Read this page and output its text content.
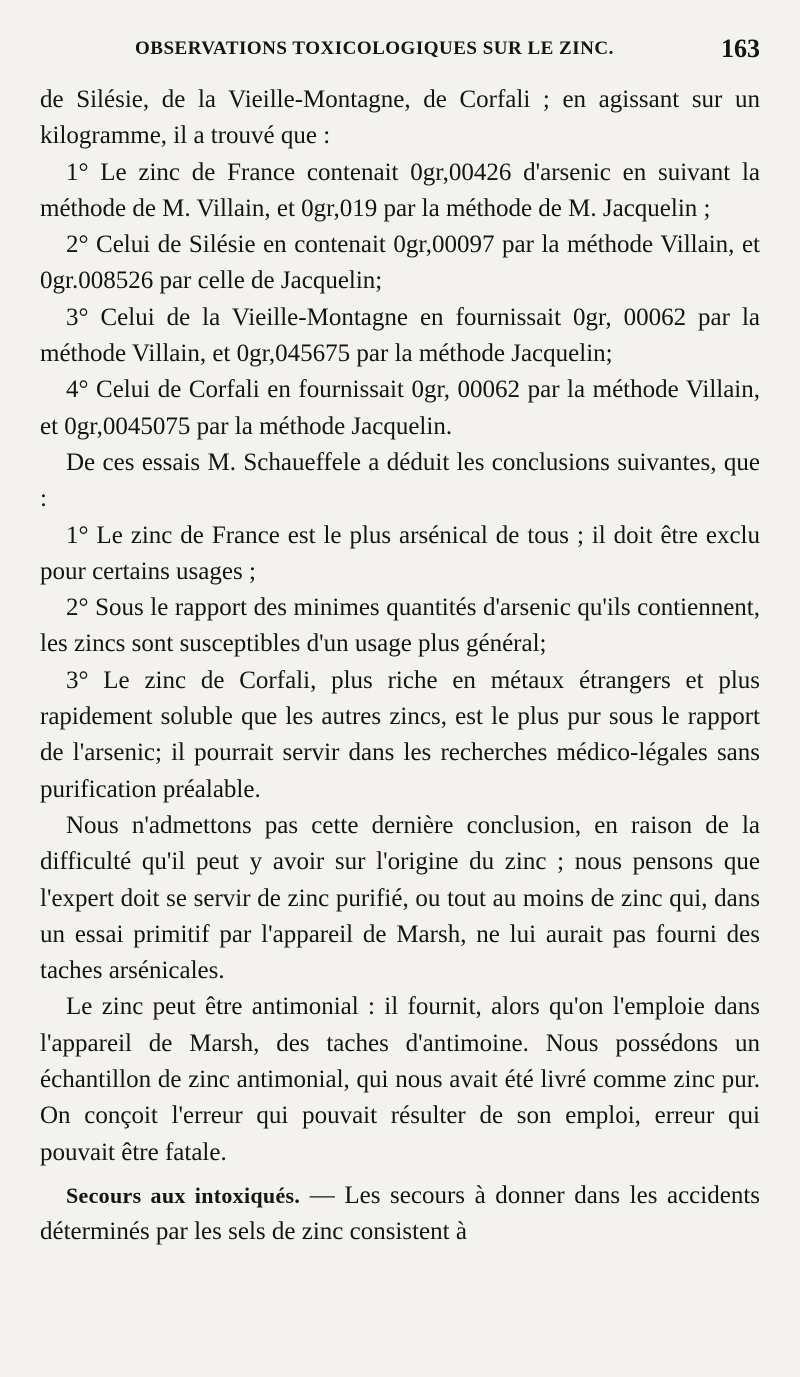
OBSERVATIONS TOXICOLOGIQUES SUR LE ZINC.	163

de Silésie, de la Vieille-Montagne, de Corfali ; en agissant sur un kilogramme, il a trouvé que :

1° Le zinc de France contenait 0gr,00426 d'arsenic en suivant la méthode de M. Villain, et 0gr,019 par la méthode de M. Jacquelin ;

2° Celui de Silésie en contenait 0gr,00097 par la méthode Villain, et 0gr.008526 par celle de Jacquelin;

3° Celui de la Vieille-Montagne en fournissait 0gr, 00062 par la méthode Villain, et 0gr,045675 par la méthode Jacquelin;

4° Celui de Corfali en fournissait 0gr, 00062 par la méthode Villain, et 0gr,0045075 par la méthode Jacquelin.

De ces essais M. Schaueffele a déduit les conclusions suivantes, que :

1° Le zinc de France est le plus arsénical de tous ; il doit être exclu pour certains usages ;

2° Sous le rapport des minimes quantités d'arsenic qu'ils contiennent, les zincs sont susceptibles d'un usage plus général;

3° Le zinc de Corfali, plus riche en métaux étrangers et plus rapidement soluble que les autres zincs, est le plus pur sous le rapport de l'arsenic; il pourrait servir dans les recherches médico-légales sans purification préalable.

Nous n'admettons pas cette dernière conclusion, en raison de la difficulté qu'il peut y avoir sur l'origine du zinc ; nous pensons que l'expert doit se servir de zinc purifié, ou tout au moins de zinc qui, dans un essai primitif par l'appareil de Marsh, ne lui aurait pas fourni des taches arsénicales.

Le zinc peut être antimonial : il fournit, alors qu'on l'emploie dans l'appareil de Marsh, des taches d'antimoine. Nous possédons un échantillon de zinc antimonial, qui nous avait été livré comme zinc pur. On conçoit l'erreur qui pouvait résulter de son emploi, erreur qui pouvait être fatale.

Secours aux intoxiqués. — Les secours à donner dans les accidents déterminés par les sels de zinc consistent à
